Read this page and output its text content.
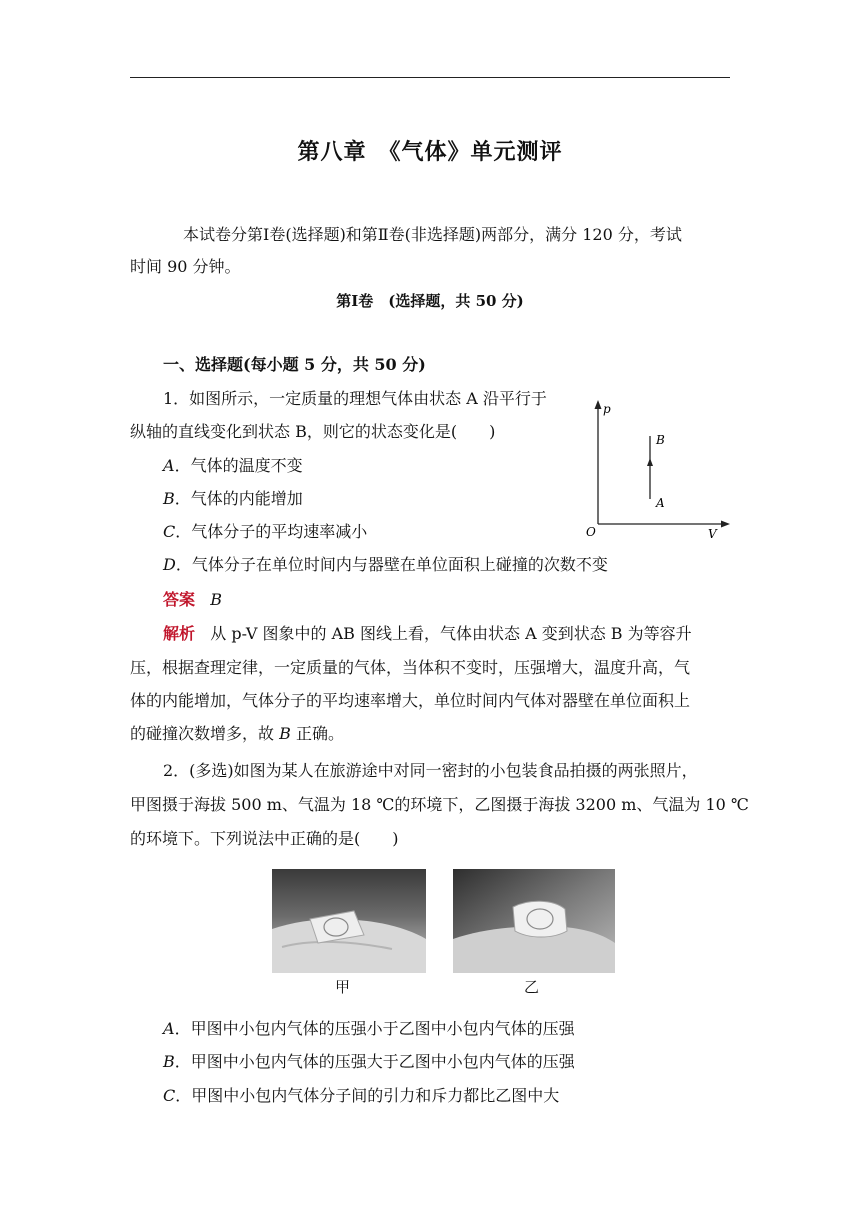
第八章　《气体》单元测评
本试卷分第Ⅰ卷(选择题)和第Ⅱ卷(非选择题)两部分，满分 120 分，考试
时间 90 分钟。
第Ⅰ卷　(选择题，共 50 分)
一、选择题(每小题 5 分，共 50 分)
1．如图所示，一定质量的理想气体由状态 A 沿平行于
纵轴的直线变化到状态 B，则它的状态变化是(　　)
A．气体的温度不变
B．气体的内能增加
C．气体分子的平均速率减小
D．气体分子在单位时间内与器壁在单位面积上碰撞的次数不变
p
V
O
B
A
答案 B
解析 从 p-V 图象中的 AB 图线上看，气体由状态 A 变到状态 B 为等容升
压，根据查理定律，一定质量的气体，当体积不变时，压强增大，温度升高，气
体的内能增加，气体分子的平均速率增大，单位时间内气体对器壁在单位面积上
的碰撞次数增多，故 B 正确。
2．(多选)如图为某人在旅游途中对同一密封的小包装食品拍摄的两张照片，
甲图摄于海拔 500 m、气温为 18 ℃的环境下，乙图摄于海拔 3200 m、气温为 10 ℃
的环境下。下列说法中正确的是(　　)
甲	乙
A．甲图中小包内气体的压强小于乙图中小包内气体的压强
B．甲图中小包内气体的压强大于乙图中小包内气体的压强
C．甲图中小包内气体分子间的引力和斥力都比乙图中大
